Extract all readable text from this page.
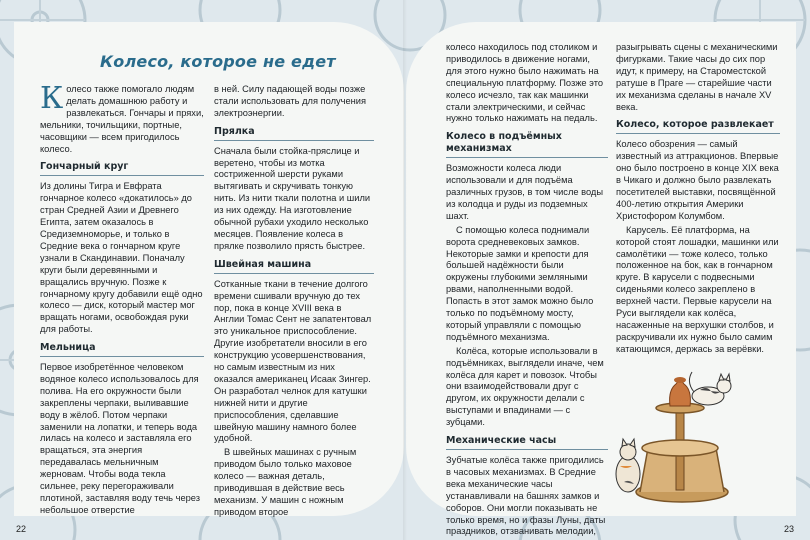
Колесо, которое не едет

Колесо также помогало людям делать домашнюю работу и развлекаться. Гончары и пряхи, мельники, точильщики, портные, часовщики — всем пригодилось колесо.

Гончарный круг

Из долины Тигра и Евфрата гончарное колесо «докатилось» до стран Средней Азии и Древнего Египта, затем оказалось в Средиземноморье, и только в Средние века о гончарном круге узнали в Скандинавии. Поначалу круги были деревянными и вращались вручную. Позже к гончарному кругу добавили ещё одно колесо — диск, который мастер мог вращать ногами, освобождая руки для работы.

Мельница

Первое изобретённое человеком водяное колесо использовалось для полива. На его окружности были закреплены черпаки, выливавшие воду в жёлоб. Потом черпаки заменили на лопатки, и теперь вода лилась на колесо и заставляла его вращаться, эта энергия передавалась мельничным жерновам. Чтобы вода текла сильнее, реку перегораживали плотиной, заставляя воду течь через небольшое отверстие

в ней. Силу падающей воды позже стали использовать для получения электроэнергии.

Прялка

Сначала были стойка-пряслице и веретено, чтобы из мотка состриженной шерсти руками вытягивать и скручивать тонкую нить. Из нити ткали полотна и шили из них одежду. На изготовление обычной рубахи уходило несколько месяцев. Появление колеса в прялке позволило прясть быстрее.

Швейная машина

Сотканные ткани в течение долгого времени сшивали вручную до тех пор, пока в конце XVIII века в Англии Томас Сент не запатентовал это уникальное приспособление. Другие изобретатели вносили в его конструкцию усовершенствования, но самым известным из них оказался американец Исаак Зингер. Он разработал челнок для катушки нижней нити и другие приспособления, сделавшие швейную машину намного более удобной.

В швейных машинах с ручным приводом было только маховое колесо — важная деталь, приводившая в действие весь механизм. У машин с ножным приводом второе

колесо находилось под столиком и приводилось в движение ногами, для этого нужно было нажимать на специальную платформу. Позже это колесо исчезло, так как машинки стали электрическими, и сейчас нужно только нажимать на педаль.

Колесо в подъёмных механизмах

Возможности колеса люди использовали и для подъёма различных грузов, в том числе воды из колодца и руды из подземных шахт.

С помощью колеса поднимали ворота средневековых замков. Некоторые замки и крепости для большей надёжности были окружены глубокими земляными рвами, наполненными водой. Попасть в этот замок можно было только по подъёмному мосту, который управляли с помощью подъёмного механизма.

Колёса, которые использовали в подъёмниках, выглядели иначе, чем колёса для карет и повозок. Чтобы они взаимодействовали друг с другом, их окружности делали с выступами и впадинами — с зубцами.

Механические часы

Зубчатые колёса также пригодились в часовых механизмах. В Средние века механические часы устанавливали на башнях замков и соборов. Они могли показывать не только время, но и фазы Луны, даты праздников, отзванивать мелодии,

разыгрывать сцены с механическими фигурками. Такие часы до сих пор идут, к примеру, на Староместской ратуше в Праге — старейшие части их механизма сделаны в начале XV века.

Колесо, которое развлекает

Колесо обозрения — самый известный из аттракционов. Впервые оно было построено в конце XIX века в Чикаго и должно было развлекать посетителей выставки, посвящённой 400-летию открытия Америки Христофором Колумбом.

Карусель. Её платформа, на которой стоят лошадки, машинки или самолётики — тоже колесо, только положенное на бок, как в гончарном круге. В карусели с подвесными сиденьями колесо закреплено в верхней части. Первые карусели на Руси выглядели как колёса, насаженные на верхушки столбов, и раскручивали их нужно было самим катающимся, держась за верёвки.

22	23
